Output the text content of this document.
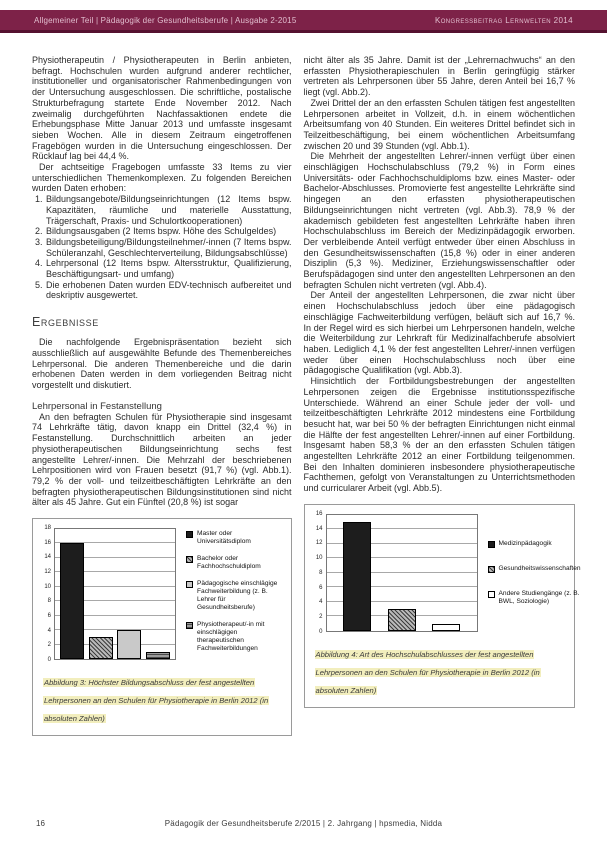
Allgemeiner Teil | Pädagogik der Gesundheitsberufe | Ausgabe 2-2015	Kongressbeitrag Lernwelten 2014

Physiotherapeutin / Physiotherapeuten in Berlin anbieten, befragt. Hochschulen wurden aufgrund anderer rechtlicher, institutioneller und organisatorischer Rahmenbedingungen von der Untersuchung ausgeschlossen. Die schriftliche, postalische Strukturbefragung startete Ende November 2012. Nach zweimalig durchgeführten Nachfassaktionen endete die Erhebungsphase Mitte Januar 2013 und umfasste insgesamt sieben Wochen. Alle in diesem Zeitraum eingetroffenen Fragebögen wurden in die Untersuchung eingeschlossen. Der Rücklauf lag bei 44,4 %.

Der achtseitige Fragebogen umfasste 33 Items zu vier unterschiedlichen Themenkomplexen. Zu folgenden Bereichen wurden Daten erhoben:

1. Bildungsangebote/Bildungseinrichtungen (12 Items bspw. Kapazitäten, räumliche und materielle Ausstattung, Trägerschaft, Praxis- und Schulortkooperationen)
2. Bildungsausgaben (2 Items bspw. Höhe des Schulgeldes)
3. Bildungsbeteiligung/Bildungsteilnehmer/-innen (7 Items bspw. Schüleranzahl, Geschlechterverteilung, Bildungsabschlüsse)
4. Lehrpersonal (12 Items bspw. Altersstruktur, Qualifizierung, Beschäftigungsart- und umfang)
5. Die erhobenen Daten wurden EDV-technisch aufbereitet und deskriptiv ausgewertet.
Ergebnisse

Die nachfolgende Ergebnispräsentation bezieht sich ausschließlich auf ausgewählte Befunde des Themenbereiches Lehrpersonal. Die anderen Themenbereiche und die darin erhobenen Daten werden in dem vorliegenden Beitrag nicht vorgestellt und diskutiert.

Lehrpersonal in Festanstellung

An den befragten Schulen für Physiotherapie sind insgesamt 74 Lehrkräfte tätig, davon knapp ein Drittel (32,4 %) in Festanstellung. Durchschnittlich arbeiten an jeder physiotherapeutischen Bildungseinrichtung sechs fest angestellte Lehrer/-innen. Die Mehrzahl der beschriebenen Lehrpositionen wird von Frauen besetzt (91,7 %) (vgl. Abb.1). 79,2 % der voll- und teilzeitbeschäftigten Lehrkräfte an den befragten physiotherapeutischen Bildungsinstitutionen sind nicht älter als 45 Jahre. Gut ein Fünftel (20,8 %) ist sogar

0
2
4
6
8
10
12
14
16
18
Master oder Universitätsdiplom
Bachelor oder Fachhochschuldiplom
Pädagogische einschlägige Fachweiterbildung (z. B. Lehrer für Gesundheitsberufe)
Physiotherapeut/-in mit einschlägigen therapeutischen Fachweiterbildungen
Abbildung 3: Höchster Bildungsabschluss der fest angestellten Lehrpersonen an den Schulen für Physiotherapie in Berlin 2012 (in absoluten Zahlen)

nicht älter als 35 Jahre. Damit ist der „Lehrernachwuchs“ an den erfassten Physiotherapieschulen in Berlin geringfügig stärker vertreten als Lehrpersonen über 55 Jahre, deren Anteil bei 16,7 % liegt (vgl. Abb.2).

Zwei Drittel der an den erfassten Schulen tätigen fest angestellten Lehrpersonen arbeitet in Vollzeit, d.h. in einem wöchentlichen Arbeitsumfang von 40 Stunden. Ein weiteres Drittel befindet sich in Teilzeitbeschäftigung, bei einem wöchentlichen Arbeitsumfang zwischen 20 und 39 Stunden (vgl. Abb.1).

Die Mehrheit der angestellten Lehrer/-innen verfügt über einen einschlägigen Hochschulabschluss (79,2 %) in Form eines Universitäts- oder Fachhochschuldiploms bzw. eines Master- oder Bachelor-Abschlusses. Promovierte fest angestellte Lehrkräfte sind hingegen an den erfassten physiotherapeutischen Bildungseinrichtungen nicht vertreten (vgl. Abb.3). 78,9 % der akademisch gebildeten fest angestellten Lehrkräfte haben ihren Hochschulabschluss im Bereich der Medizinpädagogik erworben. Der verbleibende Anteil verfügt entweder über einen Abschluss in den Gesundheitswissenschaften (15,8 %) oder in einer anderen Disziplin (5,3 %). Mediziner, Erziehungswissenschaftler oder Berufspädagogen sind unter den angestellten Lehrpersonen an den befragten Schulen nicht vertreten (vgl. Abb.4).

Der Anteil der angestellten Lehrpersonen, die zwar nicht über einen Hochschulabschluss jedoch über eine pädagogisch einschlägige Fachweiterbildung verfügen, beläuft sich auf 16,7 %. In der Regel wird es sich hierbei um Lehrpersonen handeln, welche die Weiterbildung zur Lehrkraft für Medizinalfachberufe absolviert haben. Lediglich 4,1 % der fest angestellten Lehrer/-innen verfügen weder über einen Hochschulabschluss noch über eine pädagogische Qualifikation (vgl. Abb.3).

Hinsichtlich der Fortbildungsbestrebungen der angestellten Lehrpersonen zeigen die Ergebnisse institutionsspezifische Unterschiede. Während an einer Schule jeder der voll- und teilzeitbeschäftigten Lehrkräfte 2012 mindestens eine Fortbildung besucht hat, war bei 50 % der befragten Einrichtungen nicht einmal die Hälfte der fest angestellten Lehrer/-innen auf einer Fortbildung. Insgesamt haben 58,3 % der an den erfassten Schulen tätigen angestellten Lehrkräfte 2012 an einer Fortbildung teilgenommen. Bei den Inhalten dominieren insbesondere physiotherapeutische Fachthemen, gefolgt von Veranstaltungen zu Unterrichtsmethoden und curricularer Arbeit (vgl. Abb.5).

0
2
4
6
8
10
12
14
16
Medizinpädagogik
Gesundheitswissenschaften
Andere Studiengänge (z. B. BWL, Soziologie)
Abbildung 4: Art des Hochschulabschlusses der fest angestellten Lehrpersonen an den Schulen für Physiotherapie in Berlin 2012 (in absoluten Zahlen)
16	Pädagogik der Gesundheitsberufe 2/2015 | 2. Jahrgang | hpsmedia, Nidda
